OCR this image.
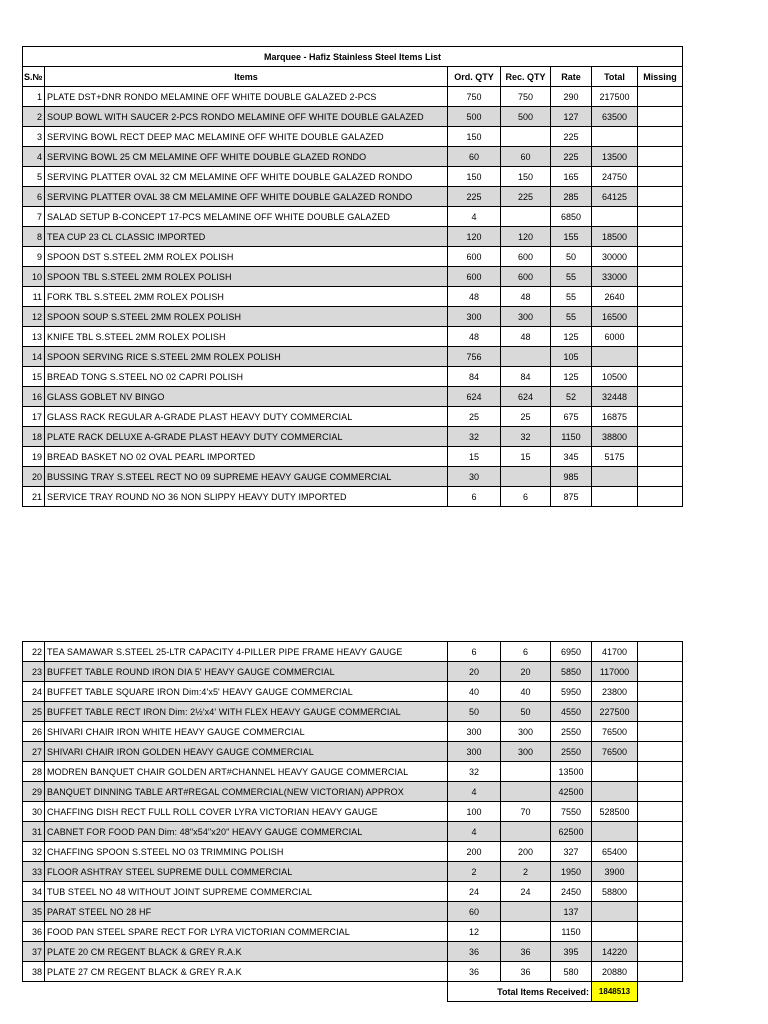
Marquee - Hafiz Stainless Steel Items List						
S.№	Items	Ord. QTY	Rec. QTY	Rate	Total	Missing
1	PLATE DST+DNR RONDO MELAMINE OFF WHITE DOUBLE GALAZED 2-PCS	750	750	290	217500	
2	SOUP BOWL WITH SAUCER 2-PCS RONDO MELAMINE OFF WHITE DOUBLE GALAZED	500	500	127	63500	
3	SERVING BOWL RECT DEEP MAC MELAMINE OFF WHITE DOUBLE GALAZED	150		225		
4	SERVING BOWL 25 CM MELAMINE OFF WHITE DOUBLE GLAZED RONDO	60	60	225	13500	
5	SERVING PLATTER OVAL 32 CM MELAMINE OFF WHITE DOUBLE GALAZED RONDO	150	150	165	24750	
6	SERVING PLATTER OVAL 38 CM MELAMINE OFF WHITE DOUBLE GALAZED RONDO	225	225	285	64125	
7	SALAD SETUP B-CONCEPT 17-PCS MELAMINE OFF WHITE DOUBLE GALAZED	4		6850		
8	TEA CUP 23 CL CLASSIC IMPORTED	120	120	155	18500	
9	SPOON DST S.STEEL 2MM ROLEX POLISH	600	600	50	30000	
10	SPOON TBL S.STEEL 2MM ROLEX POLISH	600	600	55	33000	
11	FORK TBL S.STEEL 2MM ROLEX POLISH	48	48	55	2640	
12	SPOON SOUP S.STEEL 2MM ROLEX POLISH	300	300	55	16500	
13	KNIFE TBL S.STEEL 2MM ROLEX POLISH	48	48	125	6000	
14	SPOON SERVING RICE S.STEEL 2MM ROLEX POLISH	756		105		
15	BREAD TONG S.STEEL NO 02 CAPRI POLISH	84	84	125	10500	
16	GLASS GOBLET NV BINGO	624	624	52	32448	
17	GLASS RACK REGULAR A-GRADE PLAST HEAVY DUTY COMMERCIAL	25	25	675	16875	
18	PLATE RACK DELUXE A-GRADE PLAST HEAVY DUTY COMMERCIAL	32	32	1150	38800	
19	BREAD BASKET NO 02 OVAL PEARL IMPORTED	15	15	345	5175	
20	BUSSING TRAY S.STEEL RECT NO 09 SUPREME HEAVY GAUGE COMMERCIAL	30		985		
21	SERVICE TRAY ROUND NO 36 NON SLIPPY HEAVY DUTY IMPORTED	6	6	875		
22	TEA SAMAWAR S.STEEL 25-LTR CAPACITY 4-PILLER PIPE FRAME HEAVY GAUGE	6	6	6950	41700	
23	BUFFET TABLE ROUND IRON DIA 5' HEAVY GAUGE COMMERCIAL	20	20	5850	117000	
24	BUFFET TABLE SQUARE IRON Dim:4'x5' HEAVY GAUGE COMMERCIAL	40	40	5950	23800	
25	BUFFET TABLE RECT IRON Dim: 2½'x4' WITH FLEX HEAVY GAUGE COMMERCIAL	50	50	4550	227500	
26	SHIVARI CHAIR IRON WHITE HEAVY GAUGE COMMERCIAL	300	300	2550	76500	
27	SHIVARI CHAIR IRON GOLDEN HEAVY GAUGE COMMERCIAL	300	300	2550	76500	
28	MODREN BANQUET CHAIR GOLDEN ART#CHANNEL HEAVY GAUGE COMMERCIAL	32		13500		
29	BANQUET DINNING TABLE ART#REGAL COMMERCIAL(NEW VICTORIAN) APPROX	4		42500		
30	CHAFFING DISH RECT FULL ROLL COVER LYRA VICTORIAN HEAVY GAUGE	100	70	7550	528500	
31	CABNET FOR FOOD PAN Dim: 48"x54"x20" HEAVY GAUGE COMMERCIAL	4		62500		
32	CHAFFING SPOON S.STEEL NO 03 TRIMMING POLISH	200	200	327	65400	
33	FLOOR ASHTRAY STEEL SUPREME DULL COMMERCIAL	2	2	1950	3900	
34	TUB STEEL NO 48 WITHOUT JOINT SUPREME COMMERCIAL	24	24	2450	58800	
35	PARAT STEEL NO 28 HF	60		137		
36	FOOD PAN STEEL SPARE RECT FOR LYRA VICTORIAN COMMERCIAL	12		1150		
37	PLATE 20 CM REGENT BLACK & GREY R.A.K	36	36	395	14220	
38	PLATE 27 CM REGENT BLACK & GREY R.A.K	36	36	580	20880	
		Total Items Received:			1848513	
